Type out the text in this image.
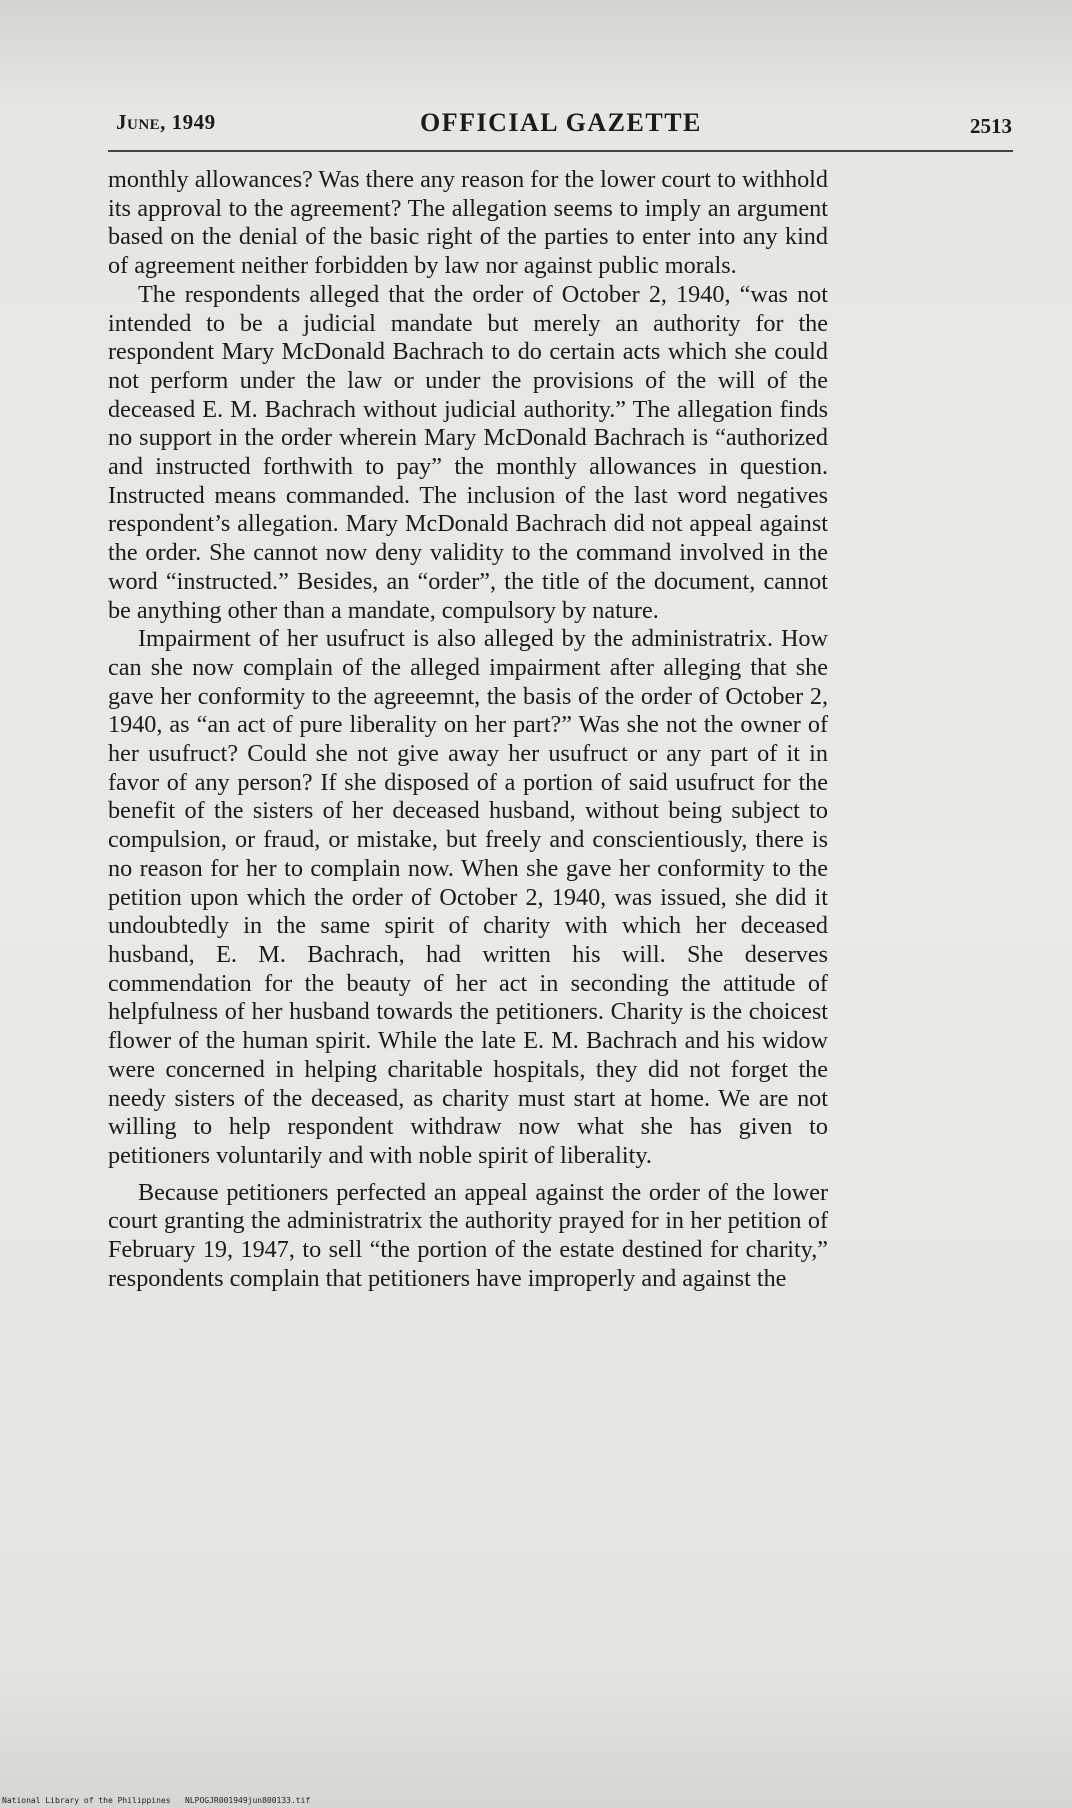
June, 1949	OFFICIAL GAZETTE	2513

monthly allowances? Was there any reason for the lower court to withhold its approval to the agreement? The allegation seems to imply an argument based on the denial of the basic right of the parties to enter into any kind of agreement neither forbidden by law nor against public morals.

The respondents alleged that the order of October 2, 1940, “was not intended to be a judicial mandate but merely an authority for the respondent Mary McDonald Bachrach to do certain acts which she could not perform under the law or under the provisions of the will of the deceased E. M. Bachrach without judicial authority.” The allegation finds no support in the order wherein Mary McDonald Bachrach is “authorized and instructed forthwith to pay” the monthly allowances in question. Instructed means commanded. The inclusion of the last word negatives respondent’s allegation. Mary McDonald Bachrach did not appeal against the order. She cannot now deny validity to the command involved in the word “instructed.” Besides, an “order”, the title of the document, cannot be anything other than a mandate, compulsory by nature.

Impairment of her usufruct is also alleged by the administratrix. How can she now complain of the alleged impairment after alleging that she gave her conformity to the agreeemnt, the basis of the order of October 2, 1940, as “an act of pure liberality on her part?” Was she not the owner of her usufruct? Could she not give away her usufruct or any part of it in favor of any person? If she disposed of a portion of said usufruct for the benefit of the sisters of her deceased husband, without being subject to compulsion, or fraud, or mistake, but freely and conscientiously, there is no reason for her to complain now. When she gave her conformity to the petition upon which the order of October 2, 1940, was issued, she did it undoubtedly in the same spirit of charity with which her deceased husband, E. M. Bachrach, had written his will. She deserves commendation for the beauty of her act in seconding the attitude of helpfulness of her husband towards the petitioners. Charity is the choicest flower of the human spirit. While the late E. M. Bachrach and his widow were concerned in helping charitable hospitals, they did not forget the needy sisters of the deceased, as charity must start at home. We are not willing to help respondent withdraw now what she has given to petitioners voluntarily and with noble spirit of liberality.

Because petitioners perfected an appeal against the order of the lower court granting the administratrix the authority prayed for in her petition of February 19, 1947, to sell “the portion of the estate destined for charity,” respondents complain that petitioners have improperly and against the

National Library of the Philippines NLPOGJR001949jun800133.tif
